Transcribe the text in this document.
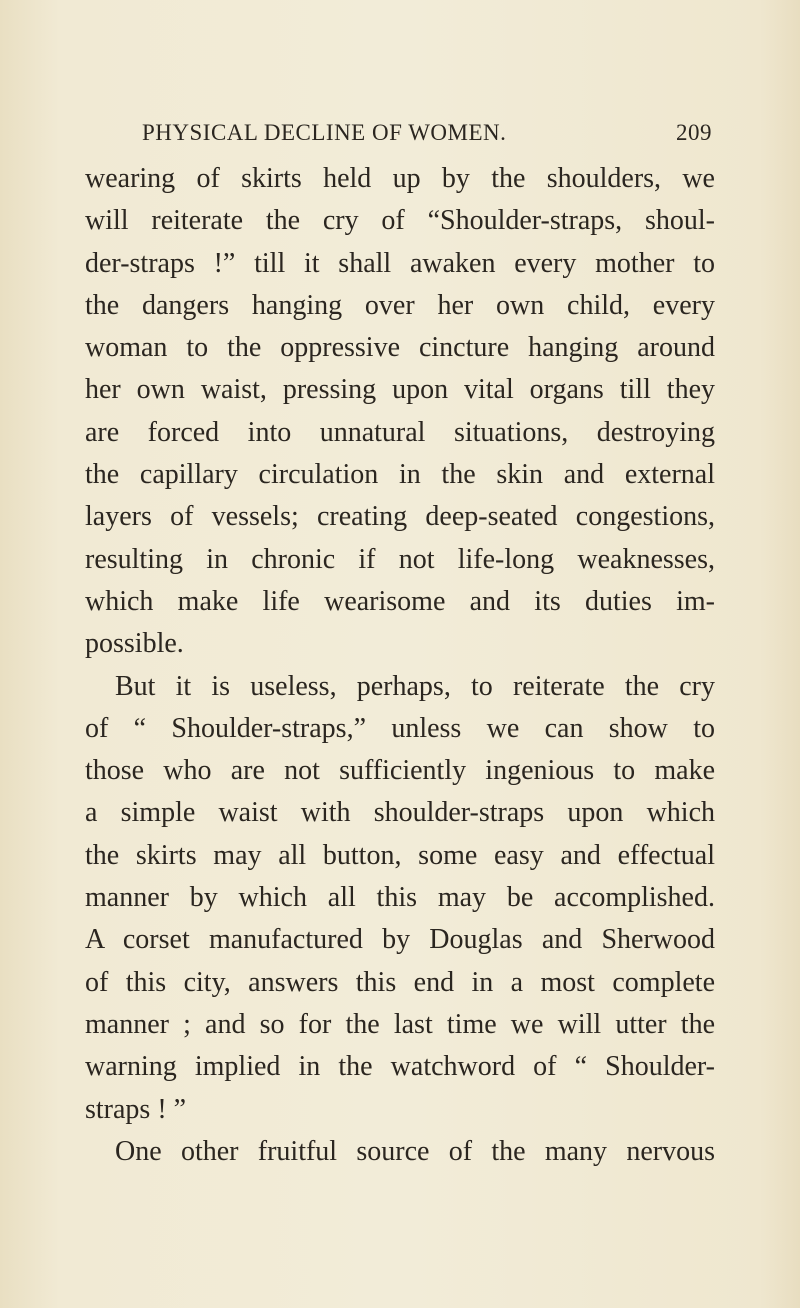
PHYSICAL DECLINE OF WOMEN.	209
wearing of skirts held up by the shoulders, we
will reiterate the cry of “Shoulder-straps, shoul-
der-straps !” till it shall awaken every mother to
the dangers hanging over her own child, every
woman to the oppressive cincture hanging around
her own waist, pressing upon vital organs till they
are forced into unnatural situations, destroying
the capillary circulation in the skin and external
layers of vessels; creating deep-seated congestions,
resulting in chronic if not life-long weaknesses,
which make life wearisome and its duties im-
possible.
But it is useless, perhaps, to reiterate the cry
of “ Shoulder-straps,” unless we can show to
those who are not sufficiently ingenious to make
a simple waist with shoulder-straps upon which
the skirts may all button, some easy and effectual
manner by which all this may be accomplished.
A corset manufactured by Douglas and Sherwood
of this city, answers this end in a most complete
manner ; and so for the last time we will utter the
warning implied in the watchword of “ Shoulder-
straps ! ”
One other fruitful source of the many nervous
